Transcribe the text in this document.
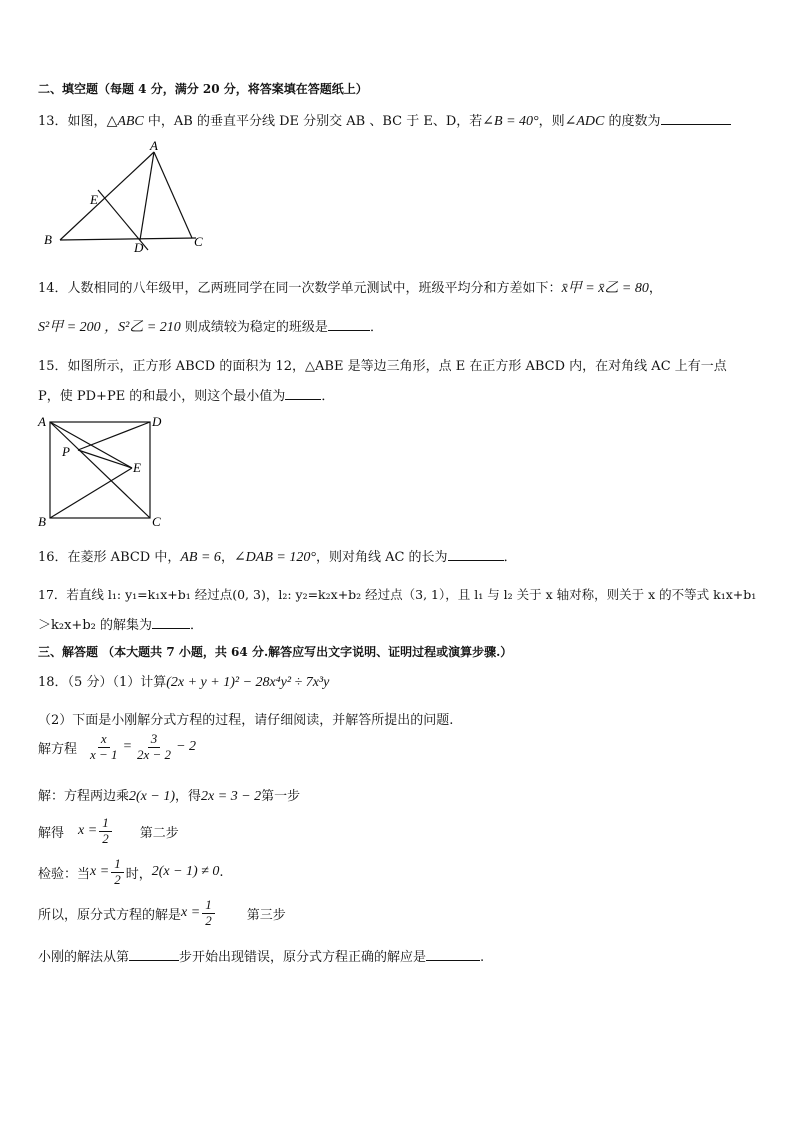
二、填空题（每题 4 分，满分 20 分，将答案填在答题纸上）
13．如图，△ABC 中，AB 的垂直平分线 DE 分别交 AB 、BC 于 E、D，若∠B = 40°，则∠ADC 的度数为
A
B	C
D
E
14．人数相同的八年级甲，乙两班同学在同一次数学单元测试中，班级平均分和方差如下：x̄甲 = x̄乙 = 80，
S²甲 = 200 ，S²乙 = 210 则成绩较为稳定的班级是	．
15．如图所示，正方形 ABCD 的面积为 12，△ABE 是等边三角形，点 E 在正方形 ABCD 内，在对角线 AC 上有一点
P，使 PD+PE 的和最小，则这个最小值为	．
A	D
B	C
P
E
16．在菱形 ABCD 中，AB = 6，∠DAB = 120°，则对角线 AC 的长为	．
17．若直线 l₁: y₁=k₁x+b₁ 经过点(0, 3)，l₂: y₂=k₂x+b₂ 经过点（3, 1），且 l₁ 与 l₂ 关于 x 轴对称，则关于 x 的不等式 k₁x+b₁
＞k₂x+b₂ 的解集为	．
三、解答题 （本大题共 7 小题，共 64 分.解答应写出文字说明、证明过程或演算步骤.）
18．（5 分）（1）计算(2x + y + 1)² − 28x⁴y² ÷ 7x³y
（2）下面是小刚解分式方程的过程，请仔细阅读，并解答所提出的问题.
解方程 $\frac{x}{x - 1} = \frac{3}{2x - 2} - 2$
解：方程两边乘2(x − 1)，得2x = 3 − 2第一步
解得 $x = \frac{1}{2}$ 第二步
检验：当 $x = \frac{1}{2}$ 时， 2(x − 1) ≠ 0 .
所以，原分式方程的解是 $x = \frac{1}{2}$ 第三步
小刚的解法从第	步开始出现错误，原分式方程正确的解应是	.
